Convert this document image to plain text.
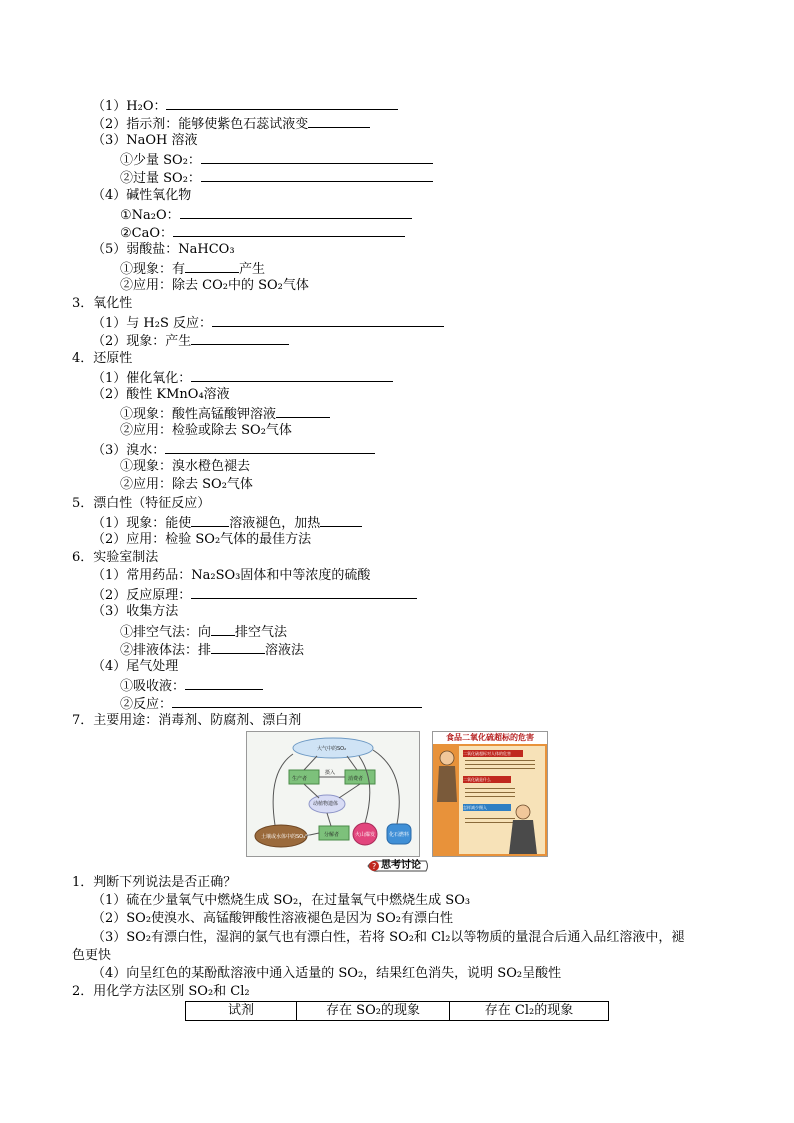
（1）H₂O：
（2）指示剂：能够使紫色石蕊试液变
（3）NaOH 溶液
①少量 SO₂：
②过量 SO₂：
（4）碱性氧化物
①Na₂O：
②CaO：
（5）弱酸盐：NaHCO₃
①现象：有	产生
②应用：除去 CO₂中的 SO₂气体
3．氧化性
（1）与 H₂S 反应：
（2）现象：产生
4．还原性
（1）催化氧化：
（2）酸性 KMnO₄溶液
①现象：酸性高锰酸钾溶液
②应用：检验或除去 SO₂气体
（3）溴水：
①现象：溴水橙色褪去
②应用：除去 SO₂气体
5．漂白性（特征反应）
（1）现象：能使	溶液褪色，加热
（2）应用：检验 SO₂气体的最佳方法
6．实验室制法
（1）常用药品：Na₂SO₃固体和中等浓度的硫酸
（2）反应原理：
（3）收集方法
①排空气法：向 排空气法
②排液体法：排	溶液法
（4）尾气处理
①吸收液：
②反应：
7．主要用途：消毒剂、防腐剂、漂白剂
大气中的SO₂
生产者	消费者
摄入
动植物遗体
分解者
土壤或水体中的SO₄²⁻	火山爆发	化石燃料
食品二氧化硫超标的危害
二氧化硫超标对人体的危害
二氧化硫是什么
怎样减少摄入
? 思考讨论
1．判断下列说法是否正确？
（1）硫在少量氧气中燃烧生成 SO₂，在过量氧气中燃烧生成 SO₃
（2）SO₂使溴水、高锰酸钾酸性溶液褪色是因为 SO₂有漂白性
（3）SO₂有漂白性，湿润的氯气也有漂白性，若将 SO₂和 Cl₂以等物质的量混合后通入品红溶液中，褪
色更快
（4）向呈红色的某酚酞溶液中通入适量的 SO₂，结果红色消失，说明 SO₂呈酸性
2．用化学方法区别 SO₂和 Cl₂
试剂	存在 SO₂的现象	存在 Cl₂的现象
